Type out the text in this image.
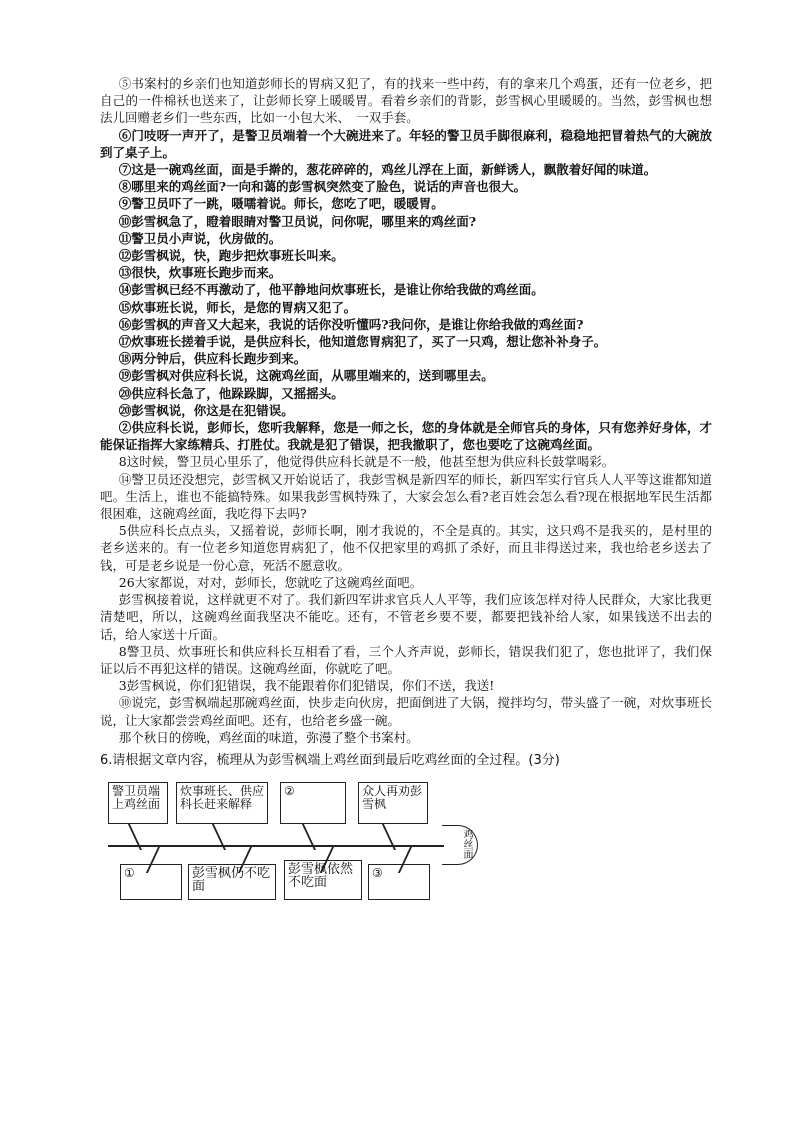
⑤书案村的乡亲们也知道彭师长的胃病又犯了，有的找来一些中药，有的拿来几个鸡蛋，还有一位老乡，把自己的一件棉袄也送来了，让彭师长穿上暖暖胃。看着乡亲们的背影，彭雪枫心里暖暖的。当然，彭雪枫也想法儿回赠老乡们一些东西，比如一小包大米、　一双手套。

⑥门吱呀一声开了，是警卫员端着一个大碗进来了。年轻的警卫员手脚很麻利，稳稳地把冒着热气的大碗放到了桌子上。

⑦这是一碗鸡丝面，面是手擀的，葱花碎碎的，鸡丝儿浮在上面，新鲜诱人，飘散着好闻的味道。

⑧哪里来的鸡丝面?一向和蔼的彭雪枫突然变了脸色，说话的声音也很大。

⑨警卫员吓了一跳，嗫嚅着说。师长，您吃了吧，暖暖胃。

⑩彭雪枫急了，瞪着眼睛对警卫员说，问你呢，哪里来的鸡丝面?

⑪警卫员小声说，伙房做的。

⑫彭雪枫说，快，跑步把炊事班长叫来。

⑬很快，炊事班长跑步而来。

⑭彭雪枫已经不再激动了，他平静地问炊事班长，是谁让你给我做的鸡丝面。

⑮炊事班长说，师长，是您的胃病又犯了。

⑯彭雪枫的声音又大起来，我说的话你没听懂吗?我问你，是谁让你给我做的鸡丝面?

⑰炊事班长搓着手说，是供应科长，他知道您胃病犯了，买了一只鸡，想让您补补身子。

⑱两分钟后，供应科长跑步到来。

⑲彭雪枫对供应科长说，这碗鸡丝面，从哪里端来的，送到哪里去。

⑳供应科长急了，他跺跺脚，又摇摇头。

⑳彭雪枫说，你这是在犯错误。

②供应科长说，彭师长，您听我解释，您是一师之长，您的身体就是全师官兵的身体，只有您养好身体，才能保证指挥大家练精兵、打胜仗。我就是犯了错误，把我撤职了，您也要吃了这碗鸡丝面。

8这时候，警卫员心里乐了，他觉得供应科长就是不一般，他甚至想为供应科长鼓掌喝彩。

⑭警卫员还没想完，彭雪枫又开始说话了，我彭雪枫是新四军的师长，新四军实行官兵人人平等这谁都知道吧。生活上，谁也不能搞特殊。如果我彭雪枫特殊了，大家会怎么看?老百姓会怎么看?现在根据地军民生活都很困难，这碗鸡丝面，我吃得下去吗?

5供应科长点点头，又摇着说，彭师长啊，刚才我说的，不全是真的。其实，这只鸡不是我买的，是村里的老乡送来的。有一位老乡知道您胃病犯了，他不仅把家里的鸡抓了杀好，而且非得送过来，我也给老乡送去了钱，可是老乡说是一份心意，死活不愿意收。

26大家都说，对对，彭师长，您就吃了这碗鸡丝面吧。

彭雪枫接着说，这样就更不对了。我们新四军讲求官兵人人平等，我们应该怎样对待人民群众，大家比我更清楚吧，所以，这碗鸡丝面我坚决不能吃。还有，不管老乡要不要，都要把钱补给人家，如果钱送不出去的话，给人家送十斤面。

8警卫员、炊事班长和供应科长互相看了看，三个人齐声说，彭师长，错误我们犯了，您也批评了，我们保证以后不再犯这样的错误。这碗鸡丝面，你就吃了吧。

3彭雪枫说，你们犯错误，我不能跟着你们犯错误，你们不送，我送!

⑩说完，彭雪枫端起那碗鸡丝面，快步走向伙房，把面倒进了大锅，搅拌均匀，带头盛了一碗，对炊事班长说，让大家都尝尝鸡丝面吧。还有，也给老乡盛一碗。

那个秋日的傍晚，鸡丝面的味道，弥漫了整个书案村。

6.请根据文章内容，梳理从为彭雪枫端上鸡丝面到最后吃鸡丝面的全过程。(3分)
警卫员端上鸡丝面
炊事班长、供应科长赶来解释
②	众人再劝彭雪枫
鸡丝面
①	彭雪枫仍不吃面
彭雪枫依然不吃面
③
